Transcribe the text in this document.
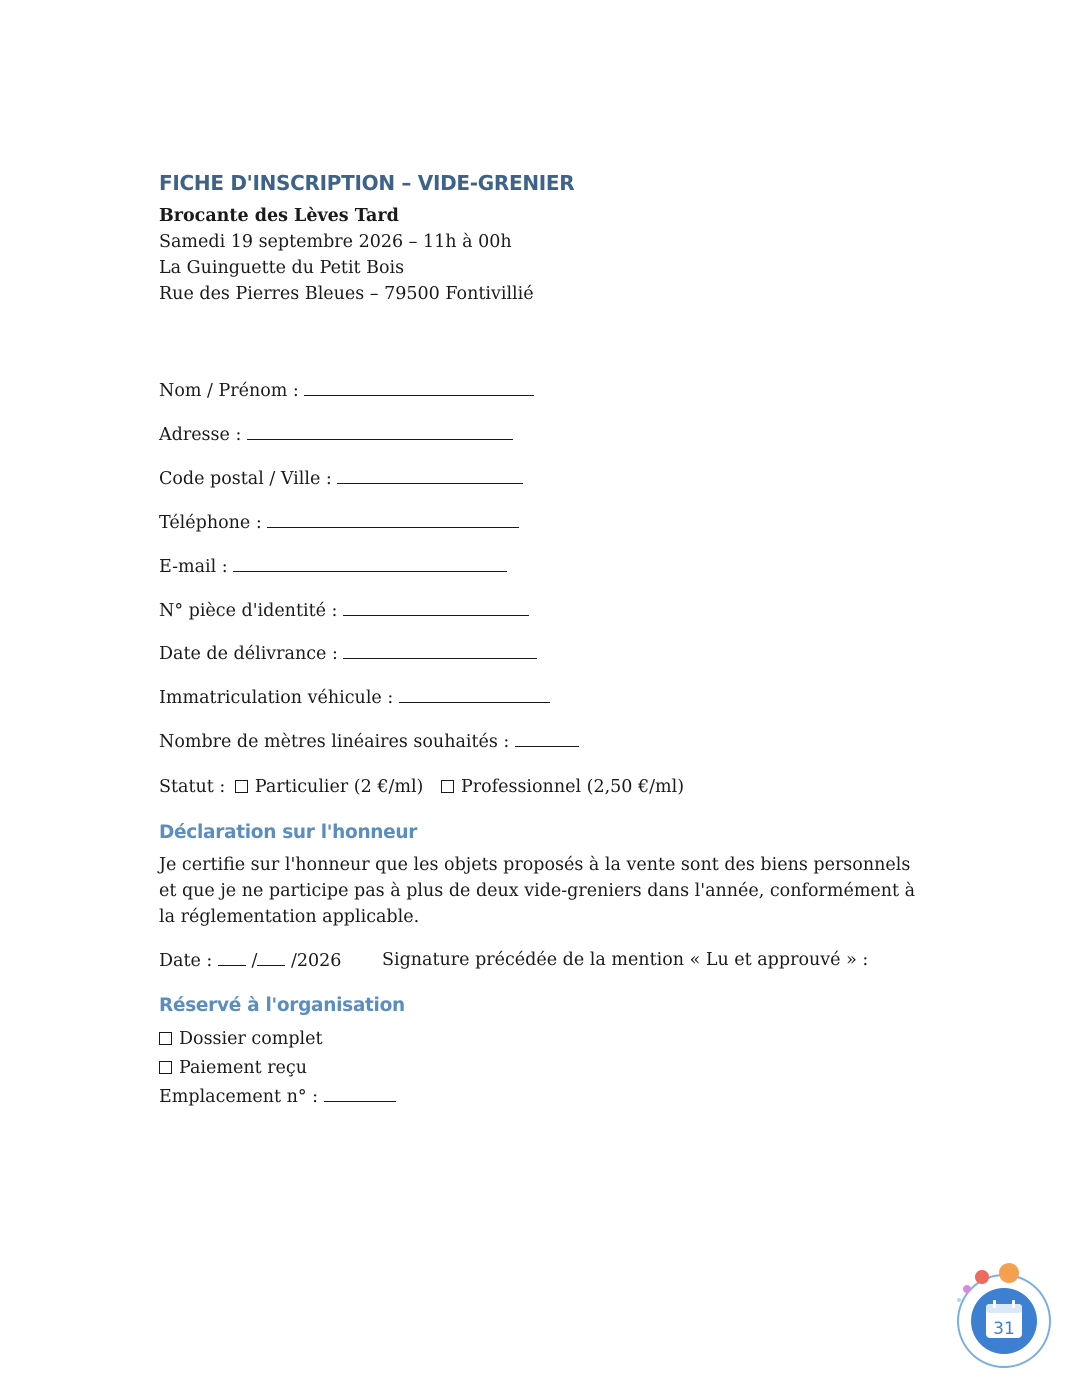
FICHE D'INSCRIPTION – VIDE-GRENIER
Brocante des Lèves Tard
Samedi 19 septembre 2026 – 11h à 00h
La Guinguette du Petit Bois
Rue des Pierres Bleues – 79500 Fontivillié
Nom / Prénom :
Adresse :
Code postal / Ville :
Téléphone :
E-mail :
N° pièce d'identité :
Date de délivrance :
Immatriculation véhicule :
Nombre de mètres linéaires souhaités :
Statut : Particulier (2 €/ml) Professionnel (2,50 €/ml)
Déclaration sur l'honneur
Je certifie sur l'honneur que les objets proposés à la vente sont des biens personnels et que je ne participe pas à plus de deux vide-greniers dans l'année, conformément à la réglementation applicable.
Date : / /2026 Signature précédée de la mention « Lu et approuvé » :
Réservé à l'organisation
Dossier complet
Paiement reçu
Emplacement n° :
31
